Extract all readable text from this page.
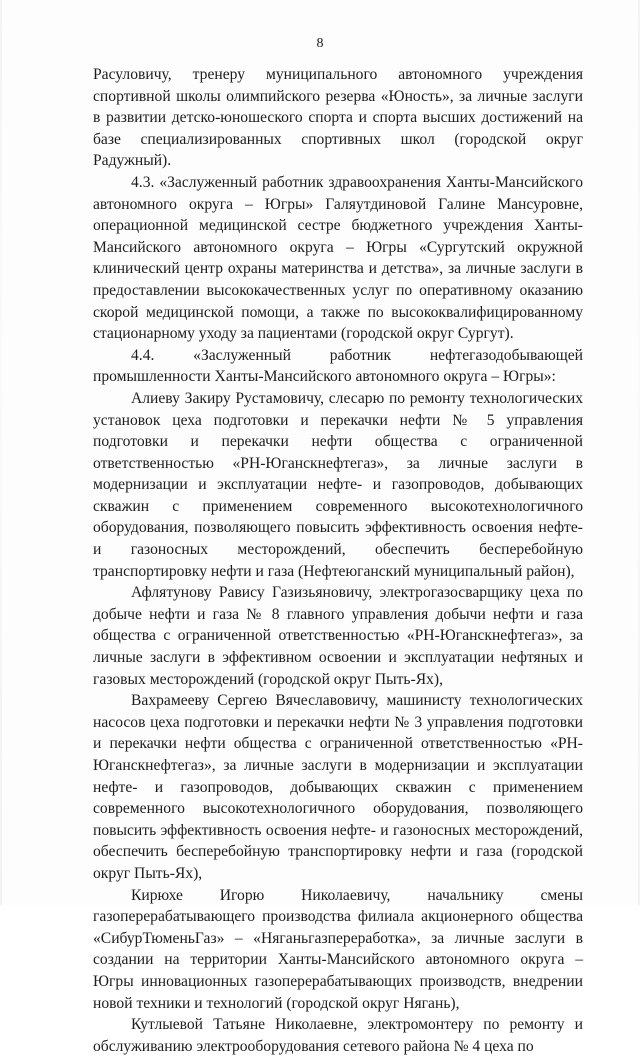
8

Расуловичу, тренеру муниципального автономного учреждения спортивной школы олимпийского резерва «Юность», за личные заслуги в развитии детско-юношеского спорта и спорта высших достижений на базе специализированных спортивных школ (городской округ Радужный).

4.3. «Заслуженный работник здравоохранения Ханты-Мансийского автономного округа – Югры» Галяутдиновой Галине Мансуровне, операционной медицинской сестре бюджетного учреждения Ханты-Мансийского автономного округа – Югры «Сургутский окружной клинический центр охраны материнства и детства», за личные заслуги в предоставлении высококачественных услуг по оперативному оказанию скорой медицинской помощи, а также по высококвалифицированному стационарному уходу за пациентами (городской округ Сургут).

4.4. «Заслуженный работник нефтегазодобывающей промышленности Ханты-Мансийского автономного округа – Югры»:

Алиеву Закиру Рустамовичу, слесарю по ремонту технологических установок цеха подготовки и перекачки нефти № 5 управления подготовки и перекачки нефти общества с ограниченной ответственностью «РН-Юганскнефтегаз», за личные заслуги в модернизации и эксплуатации нефте- и газопроводов, добывающих скважин с применением современного высокотехнологичного оборудования, позволяющего повысить эффективность освоения нефте- и газоносных месторождений, обеспечить бесперебойную транспортировку нефти и газа (Нефтеюганский муниципальный район),

Афлятунову Равису Газизьяновичу, электрогазосварщику цеха по добыче нефти и газа № 8 главного управления добычи нефти и газа общества с ограниченной ответственностью «РН-Юганскнефтегаз», за личные заслуги в эффективном освоении и эксплуатации нефтяных и газовых месторождений (городской округ Пыть-Ях),

Вахрамееву Сергею Вячеславовичу, машинисту технологических насосов цеха подготовки и перекачки нефти № 3 управления подготовки и перекачки нефти общества с ограниченной ответственностью «РН-Юганскнефтегаз», за личные заслуги в модернизации и эксплуатации нефте- и газопроводов, добывающих скважин с применением современного высокотехнологичного оборудования, позволяющего повысить эффективность освоения нефте- и газоносных месторождений, обеспечить бесперебойную транспортировку нефти и газа (городской округ Пыть-Ях),

Кирюхе Игорю Николаевичу, начальнику смены газоперерабатывающего производства филиала акционерного общества «СибурТюменьГаз» – «Няганьгазпереработка», за личные заслуги в создании на территории Ханты-Мансийского автономного округа – Югры инновационных газоперерабатывающих производств, внедрении новой техники и технологий (городской округ Нягань),

Кутлыевой Татьяне Николаевне, электромонтеру по ремонту и обслуживанию электрооборудования сетевого района № 4 цеха по
